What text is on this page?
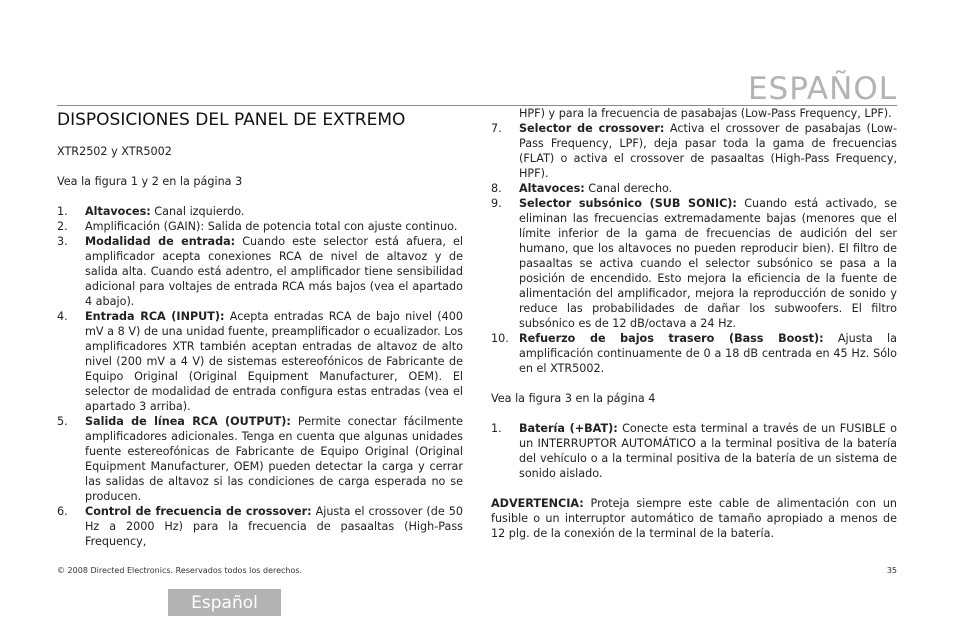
ESPAÑOL
DISPOSICIONES DEL PANEL DE EXTREMO

XTR2502 y XTR5002

Vea la figura 1 y 2 en la página 3

1.	Altavoces: Canal izquierdo.
2.	Amplificación (GAIN): Salida de potencia total con ajuste continuo.
3.	Modalidad de entrada: Cuando este selector está afuera, el amplificador acepta conexiones RCA de nivel de altavoz y de salida alta. Cuando está adentro, el amplificador tiene sensibilidad adicional para voltajes de entrada RCA más bajos (vea el apartado 4 abajo).
4.	Entrada RCA (INPUT): Acepta entradas RCA de bajo nivel (400 mV a 8 V) de una unidad fuente, preamplificador o ecualizador. Los amplificadores XTR también aceptan entradas de altavoz de alto nivel (200 mV a 4 V) de sistemas estereofónicos de Fabricante de Equipo Original (Original Equipment Manufacturer, OEM). El selector de modalidad de entrada configura estas entradas (vea el apartado 3 arriba).
5.	Salida de línea RCA (OUTPUT): Permite conectar fácilmente amplificadores adicionales. Tenga en cuenta que algunas unidades fuente estereofónicas de Fabricante de Equipo Original (Original Equipment Manufacturer, OEM) pueden detectar la carga y cerrar las salidas de altavoz si las condiciones de carga esperada no se producen.
6.	Control de frecuencia de crossover: Ajusta el crossover (de 50 Hz a 2000 Hz) para la frecuencia de pasaaltas (High-Pass Frequency,
HPF) y para la frecuencia de pasabajas (Low-Pass Frequency, LPF).
7.	Selector de crossover: Activa el crossover de pasabajas (Low-Pass Frequency, LPF), deja pasar toda la gama de frecuencias (FLAT) o activa el crossover de pasaaltas (High-Pass Frequency, HPF).
8.	Altavoces: Canal derecho.
9.	Selector subsónico (SUB SONIC): Cuando está activado, se eliminan las frecuencias extremadamente bajas (menores que el límite inferior de la gama de frecuencias de audición del ser humano, que los altavoces no pueden reproducir bien). El filtro de pasaaltas se activa cuando el selector subsónico se pasa a la posición de encendido. Esto mejora la eficiencia de la fuente de alimentación del amplificador, mejora la reproducción de sonido y reduce las probabilidades de dañar los subwoofers. El filtro subsónico es de 12 dB/octava a 24 Hz.
10. Refuerzo de bajos trasero (Bass Boost): Ajusta la amplificación continuamente de 0 a 18 dB centrada en 45 Hz. Sólo en el XTR5002.

Vea la figura 3 en la página 4

1.	Batería (+BAT): Conecte esta terminal a través de un FUSIBLE o un INTERRUPTOR AUTOMÁTICO a la terminal positiva de la batería del vehículo o a la terminal positiva de la batería de un sistema de sonido aislado.

ADVERTENCIA: Proteja siempre este cable de alimentación con un fusible o un interruptor automático de tamaño apropiado a menos de 12 plg. de la conexión de la terminal de la batería.

© 2008 Directed Electronics. Reservados todos los derechos.	35
Español
